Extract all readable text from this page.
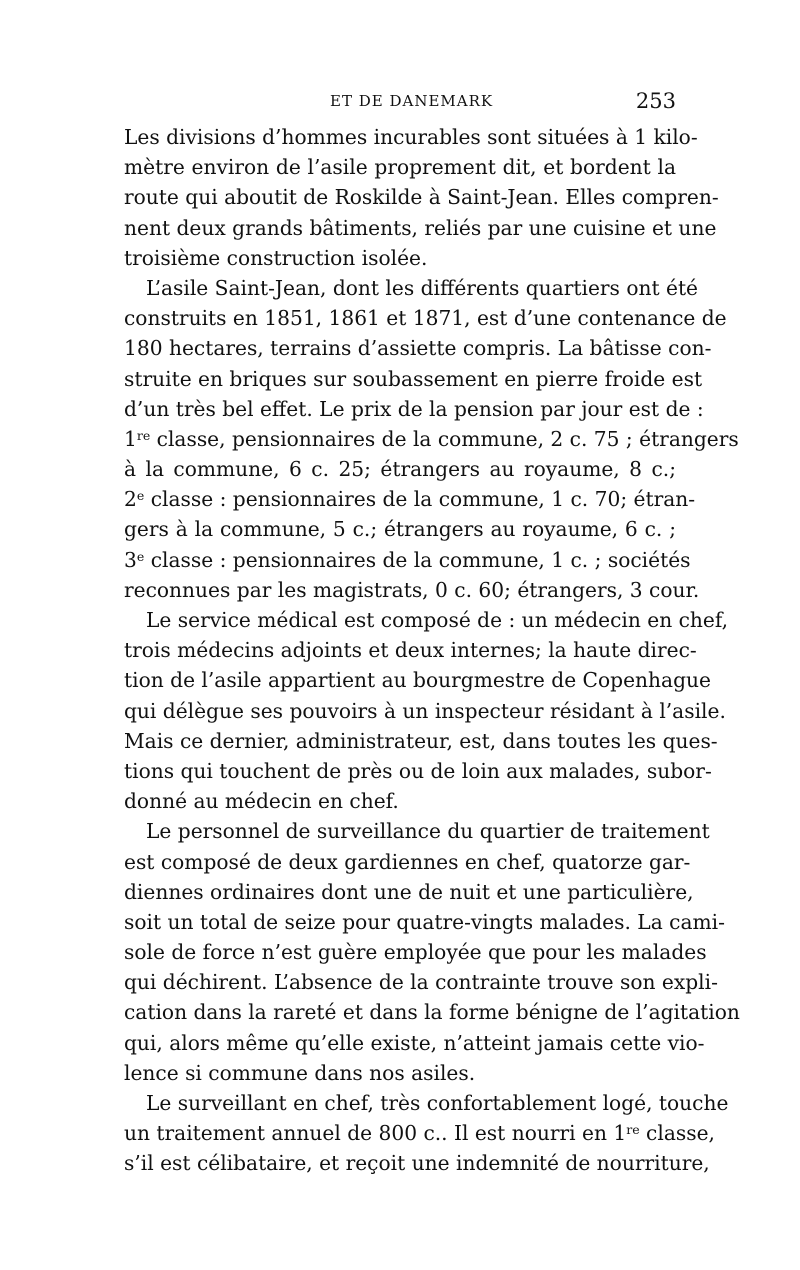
ET DE DANEMARK	253
Les divisions d’hommes incurables sont situées à 1 kilo-
mètre environ de l’asile proprement dit, et bordent la
route qui aboutit de Roskilde à Saint-Jean. Elles compren-
nent deux grands bâtiments, reliés par une cuisine et une
troisième construction isolée.
L’asile Saint-Jean, dont les différents quartiers ont été
construits en 1851, 1861 et 1871, est d’une contenance de
180 hectares, terrains d’assiette compris. La bâtisse con-
struite en briques sur soubassement en pierre froide est
d’un très bel effet. Le prix de la pension par jour est de :
1re classe, pensionnaires de la commune, 2 c. 75 ; étrangers
à la commune, 6 c. 25; étrangers au royaume, 8 c.;
2e classe : pensionnaires de la commune, 1 c. 70; étran-
gers à la commune, 5 c.; étrangers au royaume, 6 c. ;
3e classe : pensionnaires de la commune, 1 c. ; sociétés
reconnues par les magistrats, 0 c. 60; étrangers, 3 cour.
Le service médical est composé de : un médecin en chef,
trois médecins adjoints et deux internes; la haute direc-
tion de l’asile appartient au bourgmestre de Copenhague
qui délègue ses pouvoirs à un inspecteur résidant à l’asile.
Mais ce dernier, administrateur, est, dans toutes les ques-
tions qui touchent de près ou de loin aux malades, subor-
donné au médecin en chef.
Le personnel de surveillance du quartier de traitement
est composé de deux gardiennes en chef, quatorze gar-
diennes ordinaires dont une de nuit et une particulière,
soit un total de seize pour quatre-vingts malades. La cami-
sole de force n’est guère employée que pour les malades
qui déchirent. L’absence de la contrainte trouve son expli-
cation dans la rareté et dans la forme bénigne de l’agitation
qui, alors même qu’elle existe, n’atteint jamais cette vio-
lence si commune dans nos asiles.
Le surveillant en chef, très confortablement logé, touche
un traitement annuel de 800 c.. Il est nourri en 1re classe,
s’il est célibataire, et reçoit une indemnité de nourriture,
